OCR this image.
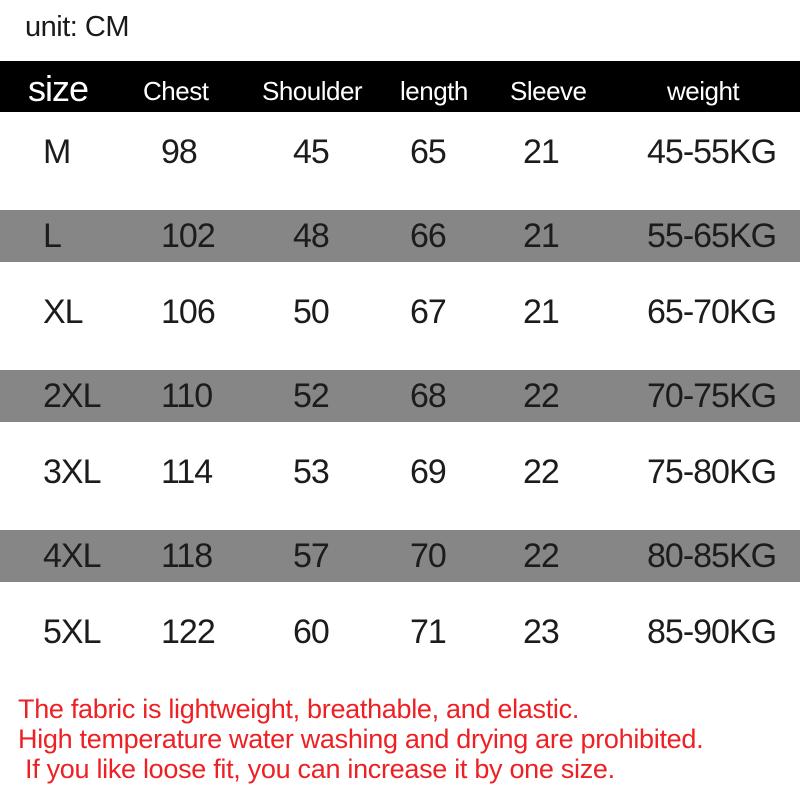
unit: CM
size Chest Shoulder length Sleeve	weight
M	98	45	65	21	45-55KG
L	102	48	66	21	55-65KG
XL	106	50	67	21	65-70KG
2XL	110	52	68	22	70-75KG
3XL	114	53	69	22	75-80KG
4XL	118	57	70	22	80-85KG
5XL	122	60	71	23	85-90KG
The fabric is lightweight, breathable, and elastic.
High temperature water washing and drying are prohibited.
If you like loose fit, you can increase it by one size.
